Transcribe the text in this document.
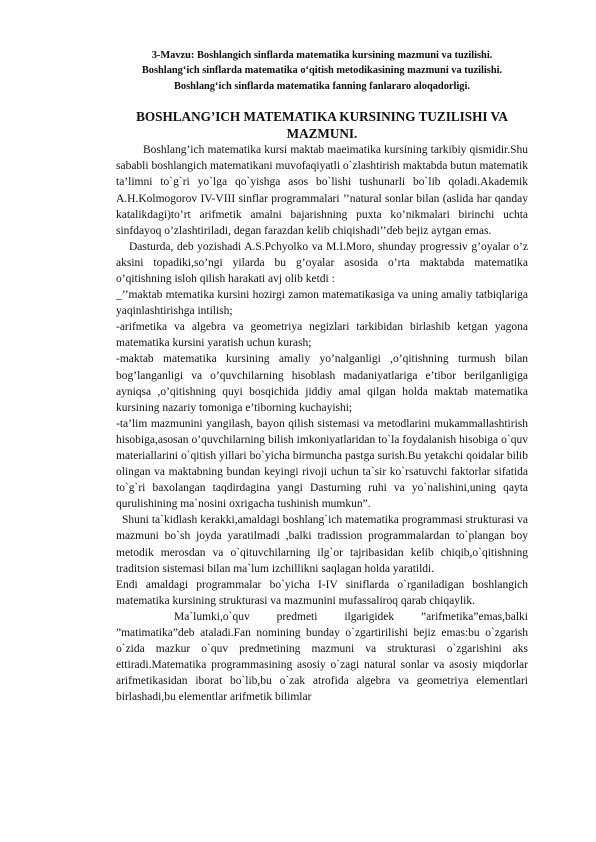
3-Mavzu: Boshlangich sinflarda matematika kursining mazmuni va tuzilishi.

Boshlang‘ich sinflarda matematika o‘qitish metodikasining mazmuni va tuzilishi.

Boshlang‘ich sinflarda matematika fanning fanlararo aloqadorligi.

BOSHLANG’ICH MATEMATIKA KURSINING TUZILISHI VA MAZMUNI.

Boshlang’ich matematika kursi maktab maeimatika kursining tarkibiy qismidir.Shu sababli boshlangich matematikani muvofaqiyatli o`zlashtirish maktabda butun matematik ta’limni to`g`ri yo`lga qo`yishga asos bo`lishi tushunarli bo`lib qoladi.Akademik A.H.Kolmogorov IV-VIII sinflar programmalari ’’natural sonlar bilan (aslida har qanday katalikdagi)to’rt arifmetik amalni bajarishning puxta ko’nikmalari birinchi uchta sinfdayoq o’zlashtiriladi, degan farazdan kelib chiqishadi’’deb bejiz aytgan emas.

Dasturda, deb yozishadi A.S.Pchyolko va M.I.Moro, shunday progressiv g’oyalar o’z aksini topadiki,so’ngi yilarda bu g’oyalar asosida o’rta maktabda matematika o’qitishning isloh qilish harakati avj olib ketdi :

_’’maktab mtematika kursini hozirgi zamon matematikasiga va uning amaliy tatbiqlariga yaqinlashtirishga intilish;

-arifmetika va algebra va geometriya negizlari tarkibidan birlashib ketgan yagona matematika kursini yaratish uchun kurash;

-maktab matematika kursining amaliy yo’nalganligi ,o’qitishning turmush bilan bog’langanligi va o’quvchilarning hisoblash madaniyatlariga e’tibor berilganligiga ayniqsa ,o’qitishning quyi bosqichida jiddiy amal qilgan holda maktab matematika kursining nazariy tomoniga e’tiborning kuchayishi;

-ta’lim mazmunini yangilash, bayon qilish sistemasi va metodlarini mukammallashtirish hisobiga,asosan o’quvchilarning bilish imkoniyatlaridan to`la foydalanish hisobiga o`quv materiallarini o`qitish yillari bo`yicha birmuncha pastga surish.Bu yetakchi qoidalar bilib olingan va maktabning bundan keyingi rivoji uchun ta`sir ko`rsatuvchi faktorlar sifatida to`g`ri baxolangan taqdirdagina yangi Dasturning ruhi va yo`nalishini,uning qayta qurulishining ma`nosini oxrigacha tushinish mumkun”.

Shuni ta`kidlash kerakki,amaldagi boshlang`ich matematika programmasi strukturasi va mazmuni bo`sh joyda yaratilmadi ,balki tradission programmalardan to`plangan boy metodik merosdan va o`qituvchilarning ilg`or tajribasidan kelib chiqib,o`qitishning traditsion sistemasi bilan ma`lum izchillikni saqlagan holda yaratildi.

Endi amaldagi programmalar bo`yicha I-IV siniflarda o`rganiladigan boshlangich matematika kursining strukturasi va mazmunini mufassaliroq qarab chiqaylik.

Ma`lumki,o`quv predmeti ilgarigidek ”arifmetika”emas,balki ”matimatika”deb ataladi.Fan nomining bunday o`zgartirilishi bejiz emas:bu o`zgarish o`zida mazkur o`quv predmetining mazmuni va strukturasi o`zgarishini aks ettiradi.Matematika programmasining asosiy o`zagi natural sonlar va asosiy miqdorlar arifmetikasidan iborat bo`lib,bu o`zak atrofida algebra va geometriya elementlari birlashadi,bu elementlar arifmetik bilimlar
